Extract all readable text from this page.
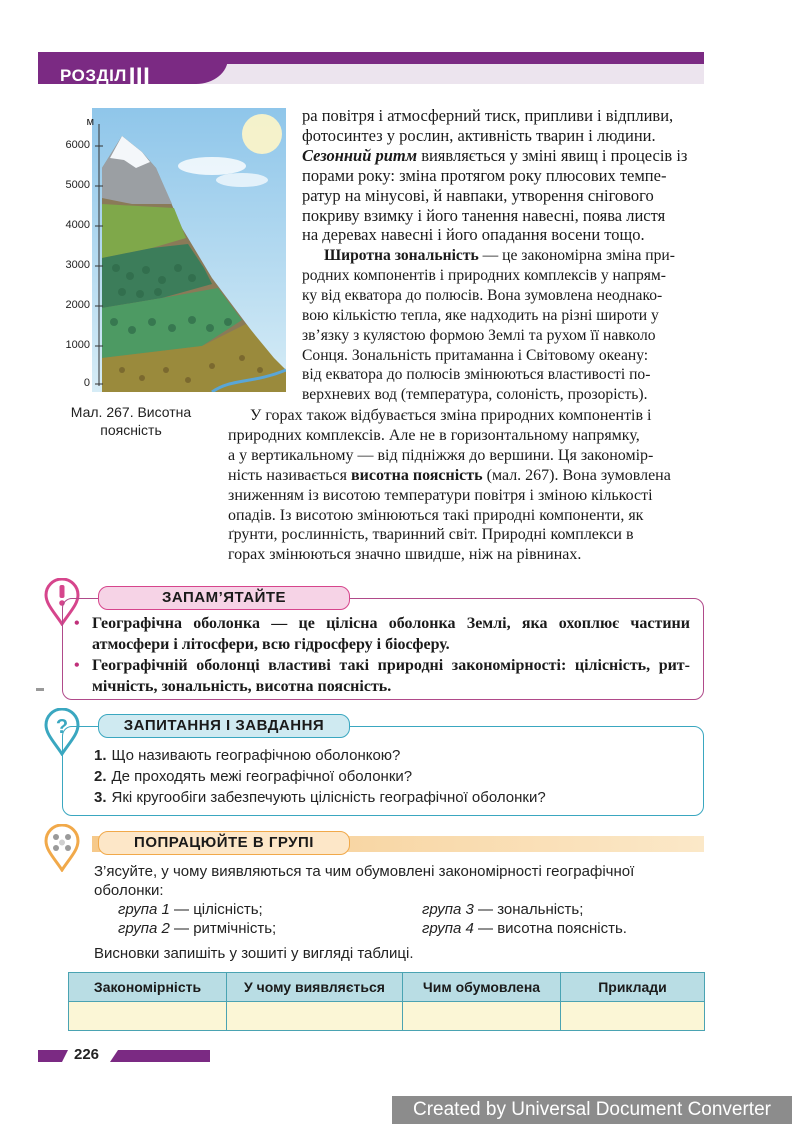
РОЗДІЛIII
м
6000
5000
4000
3000
2000
1000
0
Мал. 267. Висотна
поясність
ра повітря і атмосферний тиск, припливи і відпливи,
фотосинтез у рослин, активність тварин і людини.
Сезонний ритм виявляється у зміні явищ і процесів із
порами року: зміна протягом року плюсових темпе-
ратур на мінусові, й навпаки, утворення снігового
покриву взимку і його танення навесні, поява листя
на деревах навесні і його опадання восени тощо.
Широтна зональність — це закономірна зміна при-
родних компонентів і природних комплексів у напрям-
ку від екватора до полюсів. Вона зумовлена неоднако-
вою кількістю тепла, яке надходить на різні широти у
зв’язку з кулястою формою Землі та рухом її навколо
Сонця. Зональність притаманна і Світовому океану:
від екватора до полюсів змінюються властивості по-
верхневих вод (температура, солоність, прозорість).
У горах також відбувається зміна природних компонентів і
природних комплексів. Але не в горизонтальному напрямку,
а у вертикальному — від підніжжя до вершини. Ця закономір-
ність називається висотна поясність (мал. 267). Вона зумовлена
зниженням із висотою температури повітря і зміною кількості
опадів. Із висотою змінюються такі природні компоненти, як
ґрунти, рослинність, тваринний світ. Природні комплекси в
горах змінюються значно швидше, ніж на рівнинах.
ЗАПАМ’ЯТАЙТЕ
• Географічна оболонка — це цілісна оболонка Землі, яка охоплює частини
атмосфери і літосфери, всю гідросферу і біосферу.
• Географічній оболонці властиві такі природні закономірності: цілісність, рит-
мічність, зональність, висотна поясність.
?	ЗАПИТАННЯ І ЗАВДАННЯ
1. Що називають географічною оболонкою?
2. Де проходять межі географічної оболонки?
3. Які кругообіги забезпечують цілісність географічної оболонки?
ПОПРАЦЮЙТЕ В ГРУПІ
З’ясуйте, у чому виявляються та чим обумовлені закономірності географічної
оболонки:
група 1 — цілісність;
група 2 — ритмічність;
група 3 — зональність;
група 4 — висотна поясність.
Висновки запишіть у зошиті у вигляді таблиці.
Закономірність	У чому виявляється	Чим обумовлена	Приклади

226
Created by Universal Document Converter
